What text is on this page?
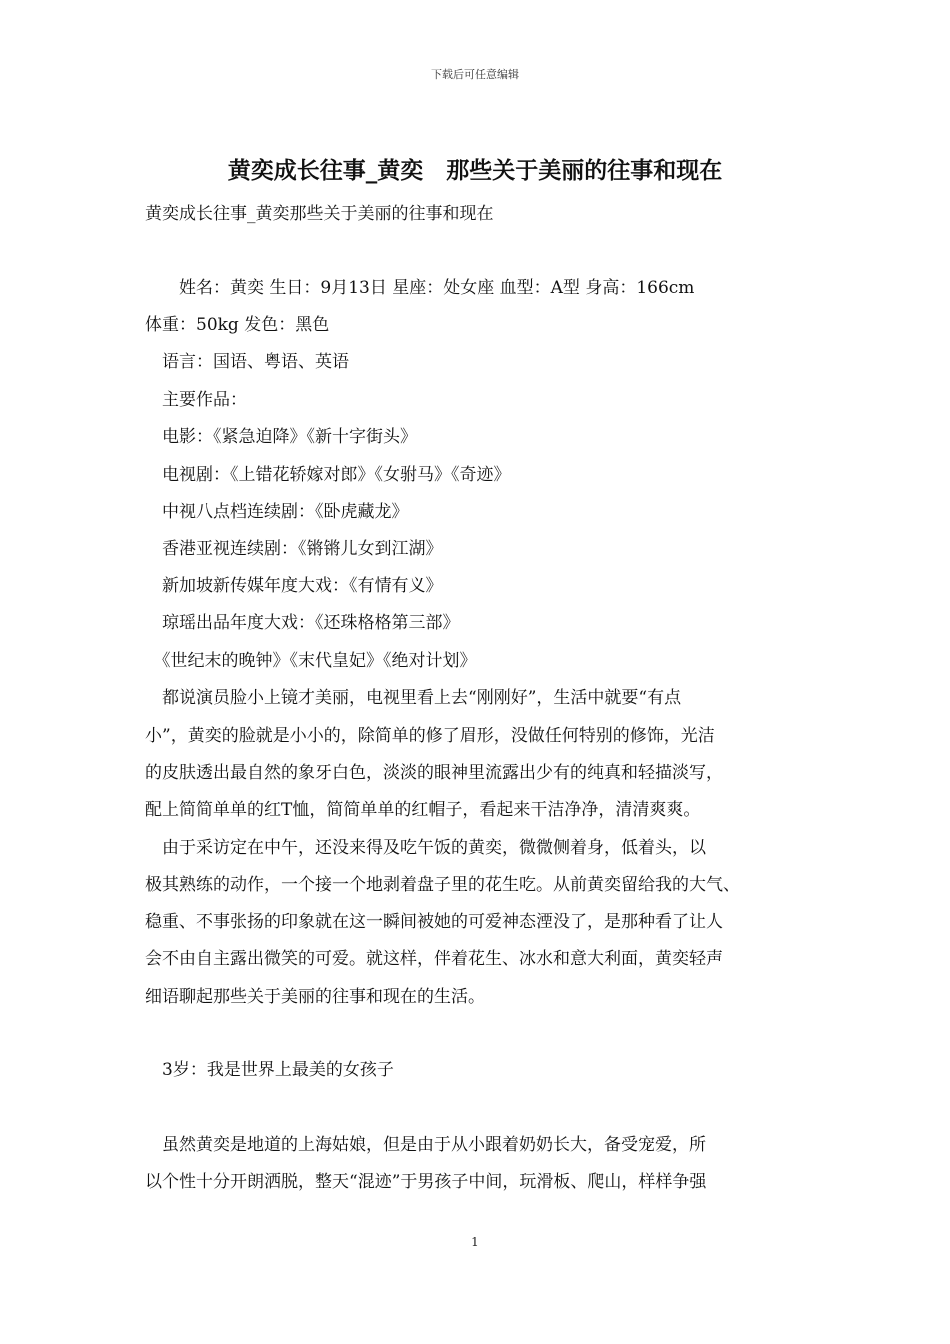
下载后可任意编辑
黄奕成长往事_黄奕　那些关于美丽的往事和现在
黄奕成长往事_黄奕那些关于美丽的往事和现在
　　姓名：黄奕 生日：9月13日 星座：处女座 血型：A型 身高：166cm
体重：50kg 发色：黑色
　语言：国语、粤语、英语
　主要作品：
　电影：《紧急迫降》《新十字街头》
　电视剧：《上错花轿嫁对郎》《女驸马》《奇迹》
　中视八点档连续剧：《卧虎藏龙》
　香港亚视连续剧：《锵锵儿女到江湖》
　新加坡新传媒年度大戏：《有情有义》
　琼瑶出品年度大戏：《还珠格格第三部》
　《世纪末的晚钟》《末代皇妃》《绝对计划》
　都说演员脸小上镜才美丽，电视里看上去“刚刚好”，生活中就要“有点
小”，黄奕的脸就是小小的，除简单的修了眉形，没做任何特别的修饰，光洁
的皮肤透出最自然的象牙白色，淡淡的眼神里流露出少有的纯真和轻描淡写，
配上简简单单的红T恤，简简单单的红帽子，看起来干洁净净，清清爽爽。
　由于采访定在中午，还没来得及吃午饭的黄奕，微微侧着身，低着头，以
极其熟练的动作，一个接一个地剥着盘子里的花生吃。从前黄奕留给我的大气、
稳重、不事张扬的印象就在这一瞬间被她的可爱神态湮没了，是那种看了让人
会不由自主露出微笑的可爱。就这样，伴着花生、冰水和意大利面，黄奕轻声
细语聊起那些关于美丽的往事和现在的生活。
　3岁：我是世界上最美的女孩子
　虽然黄奕是地道的上海姑娘，但是由于从小跟着奶奶长大，备受宠爱，所
以个性十分开朗洒脱，整天“混迹”于男孩子中间，玩滑板、爬山，样样争强
1
